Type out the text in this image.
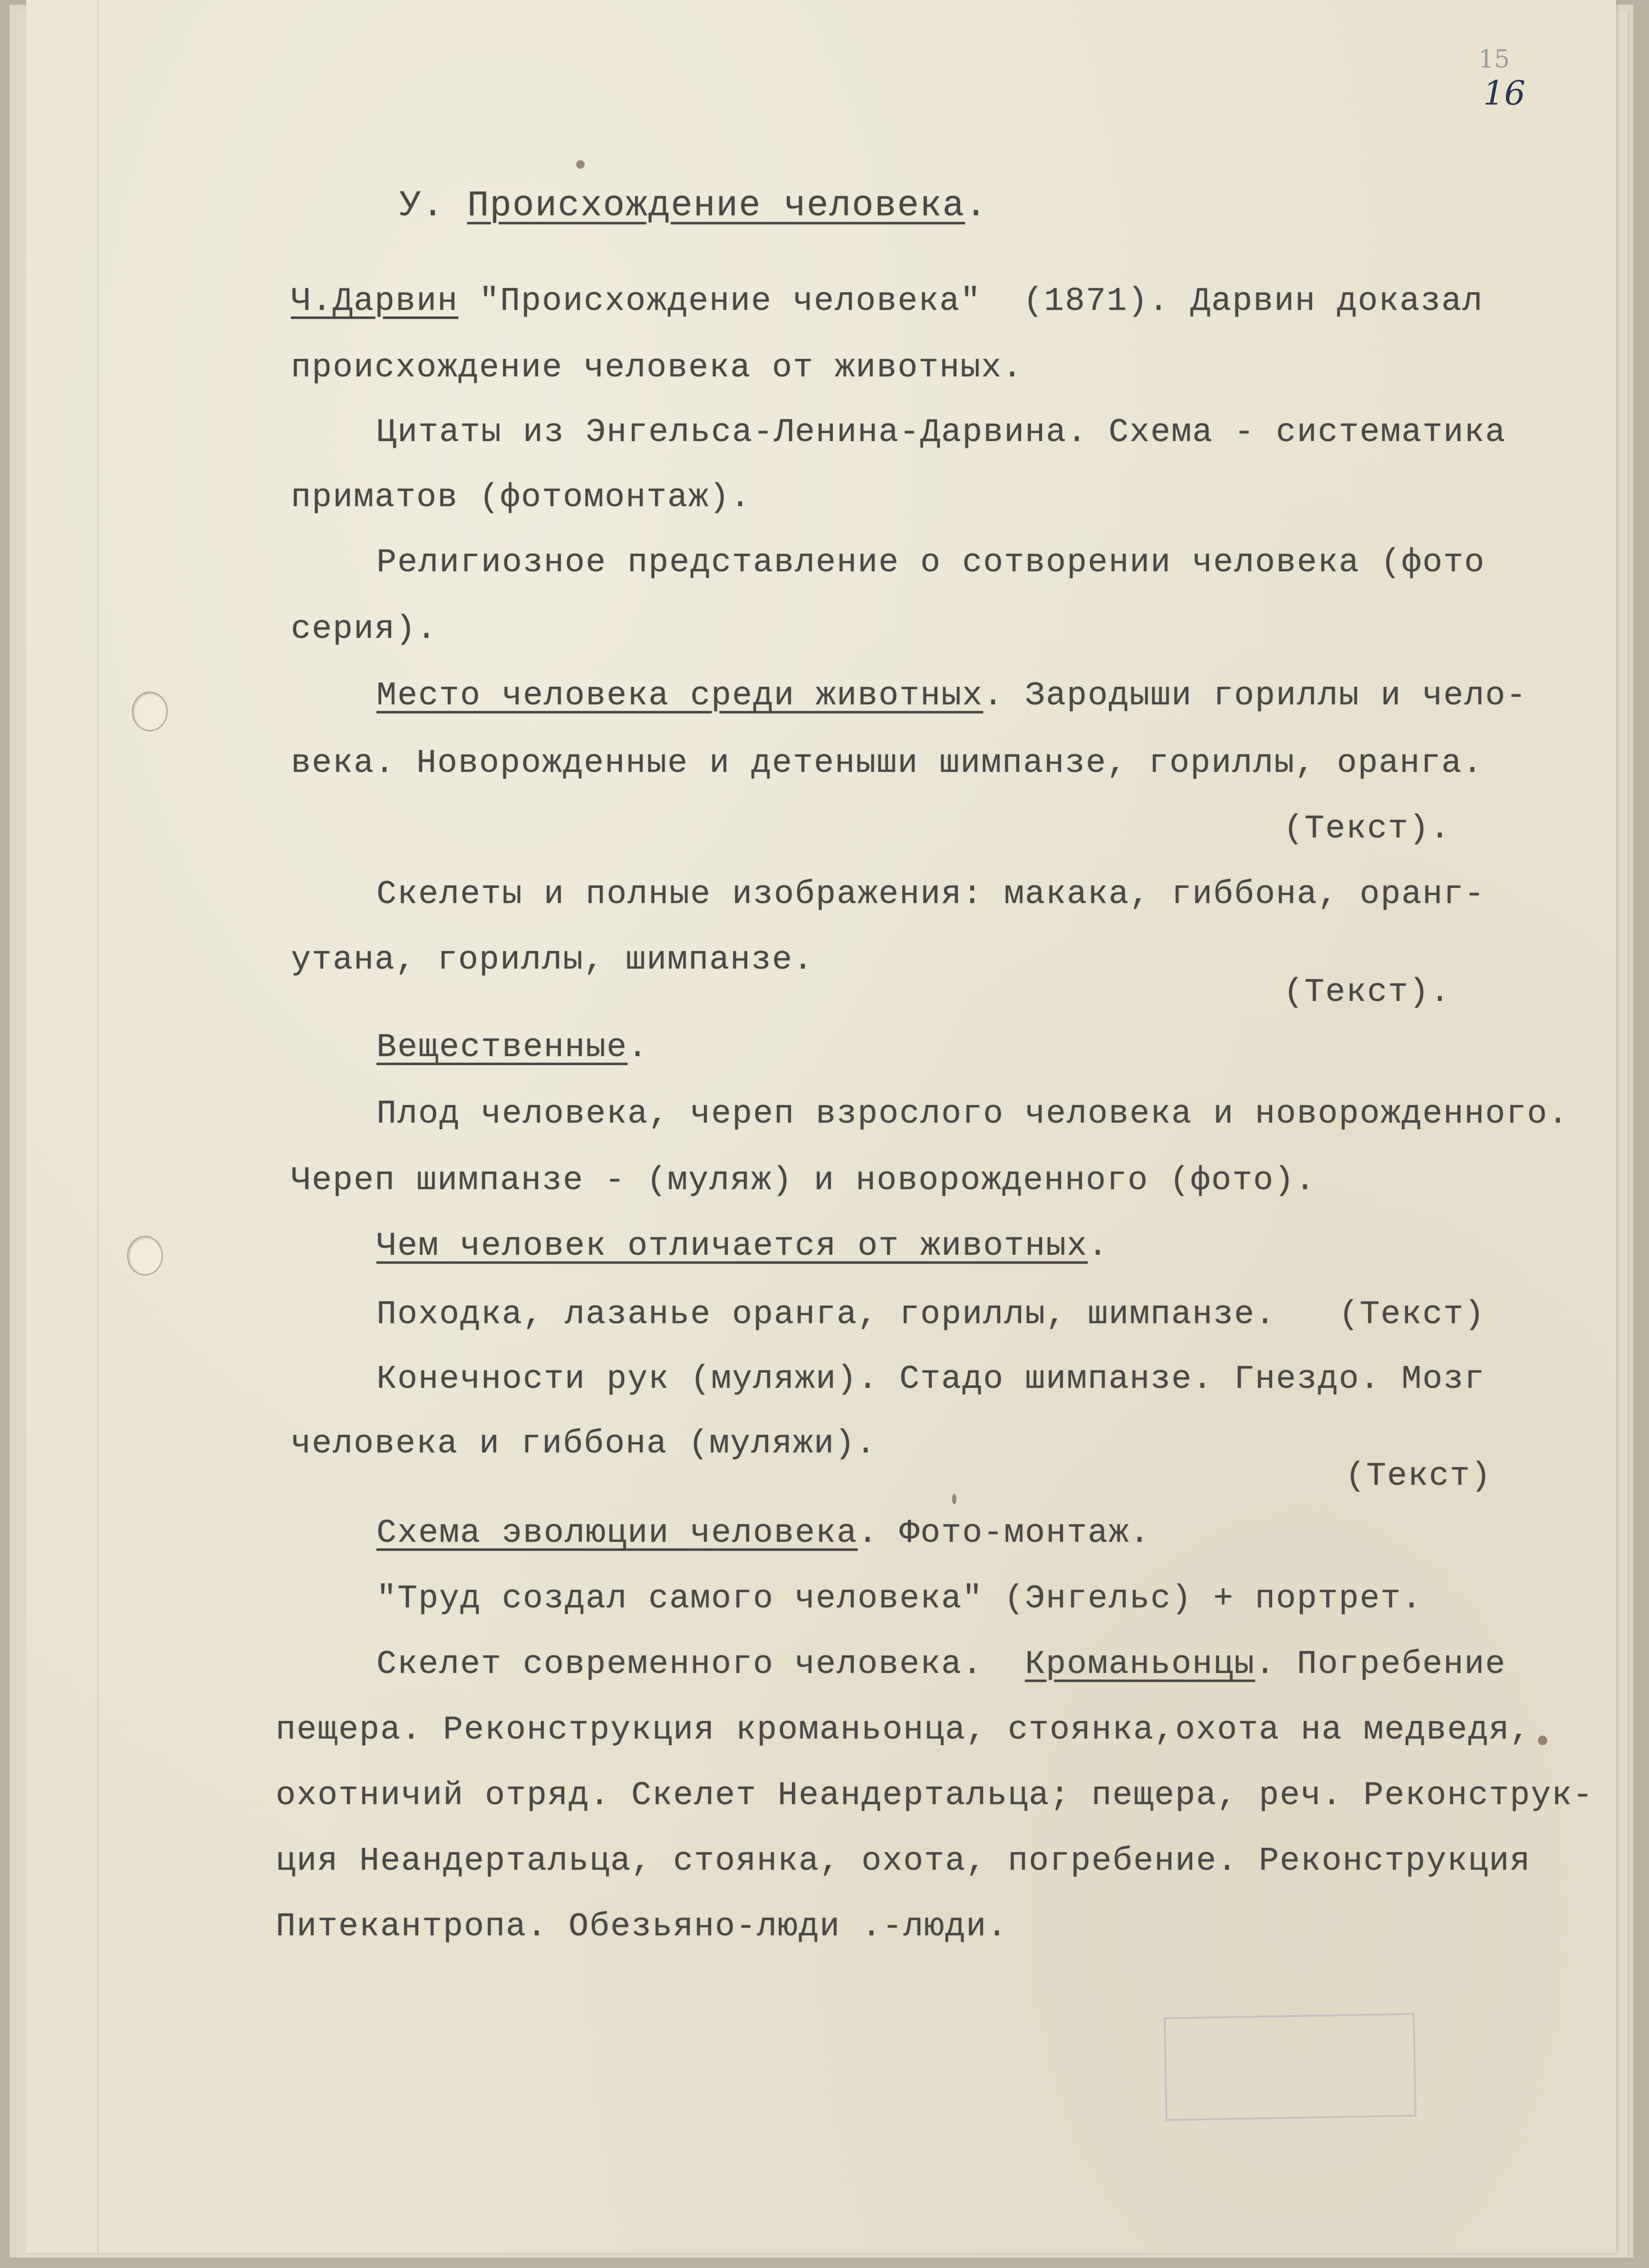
15
16
У. Происхождение человека.
Ч.Дарвин "Происхождение человека"  (1871). Дарвин доказал
происхождение человека от животных.
Цитаты из Энгельса-Ленина-Дарвина. Схема - систематика
приматов (фотомонтаж).
Религиозное представление о сотворении человека (фото
серия).
Место человека среди животных. Зародыши гориллы и чело-
века. Новорожденные и детеныши шимпанзе, гориллы, оранга.
(Текст).
Скелеты и полные изображения: макака, гиббона, оранг-
утана, гориллы, шимпанзе.
(Текст).
Вещественные.
Плод человека, череп взрослого человека и новорожденного.
Череп шимпанзе - (муляж) и новорожденного (фото).
Чем человек отличается от животных.
Походка, лазанье оранга, гориллы, шимпанзе.   (Текст)
Конечности рук (муляжи). Стадо шимпанзе. Гнездо. Мозг
человека и гиббона (муляжи).
(Текст)
Схема эволюции человека. Фото-монтаж.
"Труд создал самого человека" (Энгельс) + портрет.
Скелет современного человека.  Кроманьонцы. Погребение
пещера. Реконструкция кроманьонца, стоянка,охота на медведя,
охотничий отряд. Скелет Неандертальца; пещера, реч. Реконструк-
ция Неандертальца, стоянка, охота, погребение. Реконструкция
Питекантропа. Обезьяно-люди .-люди.
